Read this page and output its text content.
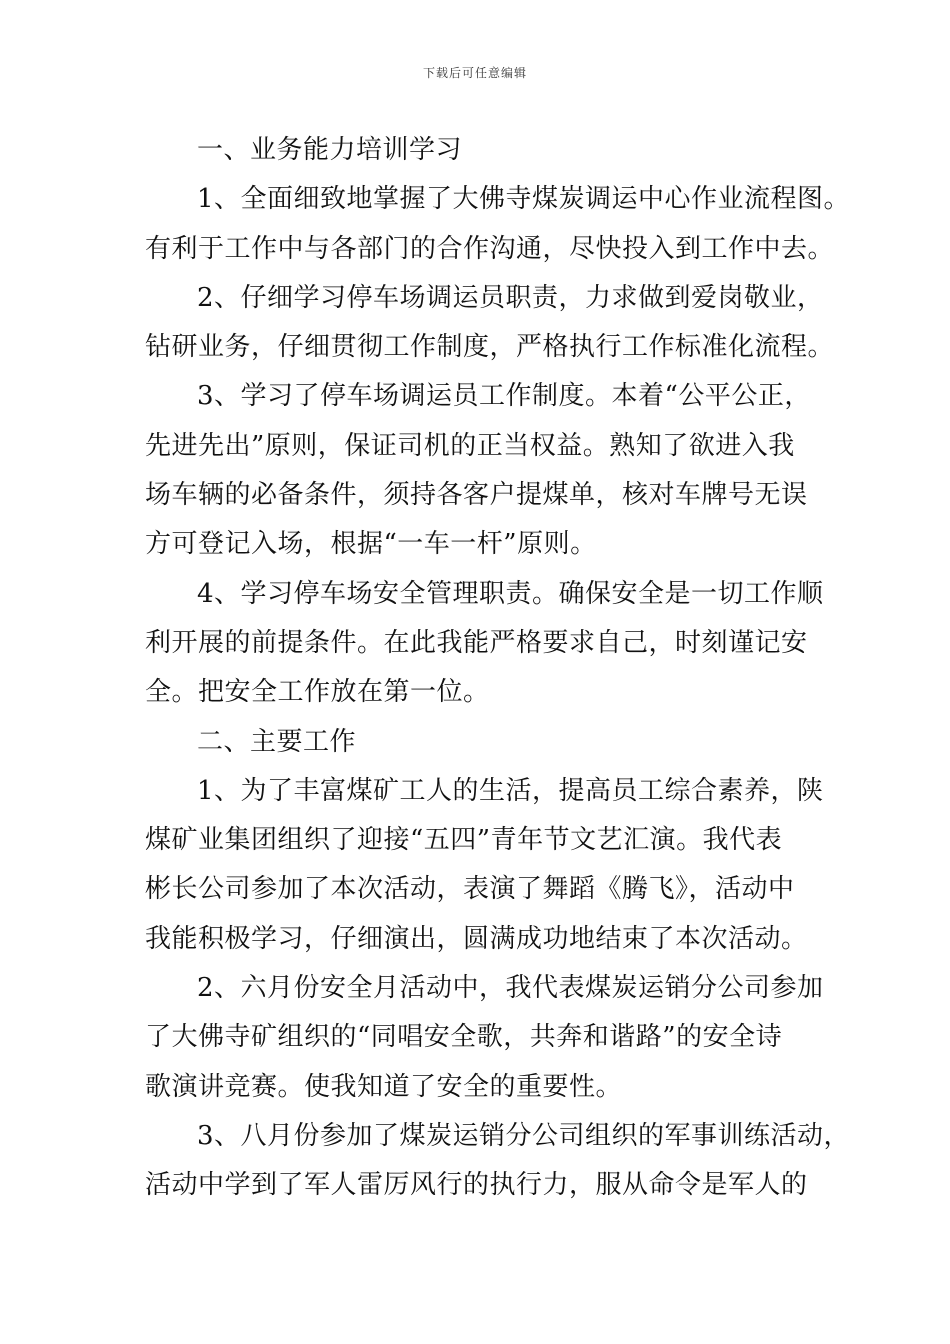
下载后可任意编辑
一、业务能力培训学习
1、全面细致地掌握了大佛寺煤炭调运中心作业流程图。
有利于工作中与各部门的合作沟通，尽快投入到工作中去。
2、仔细学习停车场调运员职责，力求做到爱岗敬业，
钻研业务，仔细贯彻工作制度，严格执行工作标准化流程。
3、学习了停车场调运员工作制度。本着“公平公正，
先进先出”原则，保证司机的正当权益。熟知了欲进入我
场车辆的必备条件，须持各客户提煤单，核对车牌号无误
方可登记入场，根据“一车一杆”原则。
4、学习停车场安全管理职责。确保安全是一切工作顺
利开展的前提条件。在此我能严格要求自己，时刻谨记安
全。把安全工作放在第一位。
二、主要工作
1、为了丰富煤矿工人的生活，提高员工综合素养，陕
煤矿业集团组织了迎接“五四”青年节文艺汇演。我代表
彬长公司参加了本次活动，表演了舞蹈《腾飞》，活动中
我能积极学习，仔细演出，圆满成功地结束了本次活动。
2、六月份安全月活动中，我代表煤炭运销分公司参加
了大佛寺矿组织的“同唱安全歌，共奔和谐路”的安全诗
歌演讲竞赛。使我知道了安全的重要性。
3、八月份参加了煤炭运销分公司组织的军事训练活动，
活动中学到了军人雷厉风行的执行力，服从命令是军人的
